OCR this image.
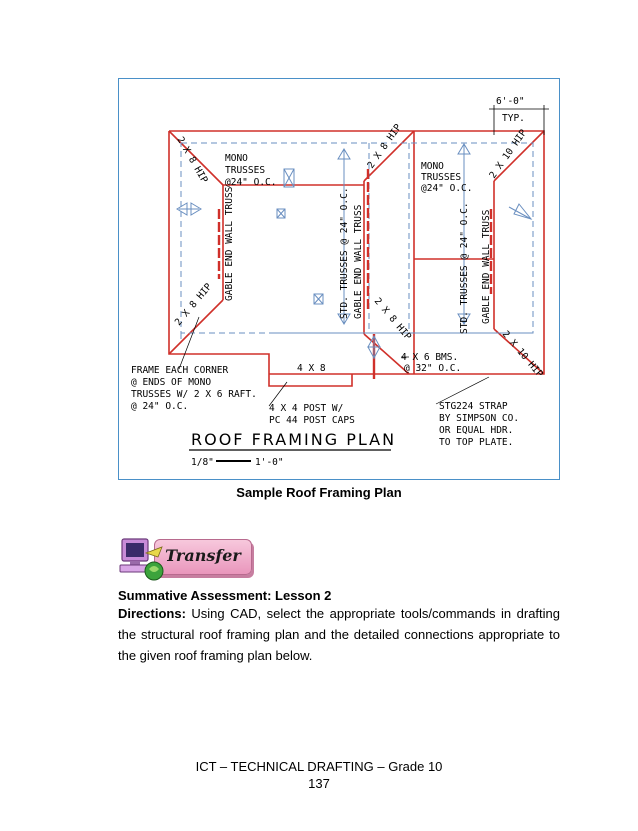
6'-0"
TYP.
2 X 8 HIP
2 X 8 HIP
2 X 8 HIP
2 X 8 HIP
2 X 10 HIP
2 X 10 HIP
MONO
TRUSSES
@24" O.C.
MONO
TRUSSES
@24" O.C.
GABLE END WALL TRUSS	STD. TRUSSES @ 24" O.C. GABLE END WALL TRUSS	STD. TRUSSES @ 24" O.C. GABLE END WALL TRUSS
4 X 6 BMS.
@ 32" O.C.
4 X 8
FRAME EACH CORNER
@ ENDS OF MONO
TRUSSES W/ 2 X 6 RAFT.
@ 24" O.C.	4 X 4 POST W/
PC 44 POST CAPS
STG224 STRAP
BY SIMPSON CO.
OR EQUAL HDR.
TO TOP PLATE.
ROOF FRAMING PLAN
1/8"	1'-0"
Sample Roof Framing Plan
Transfer
Summative Assessment: Lesson 2
Directions: Using CAD, select the appropriate tools/commands in drafting the structural roof framing plan and the detailed connections appropriate to the given roof framing plan below.
ICT – TECHNICAL DRAFTING – Grade 10
137
